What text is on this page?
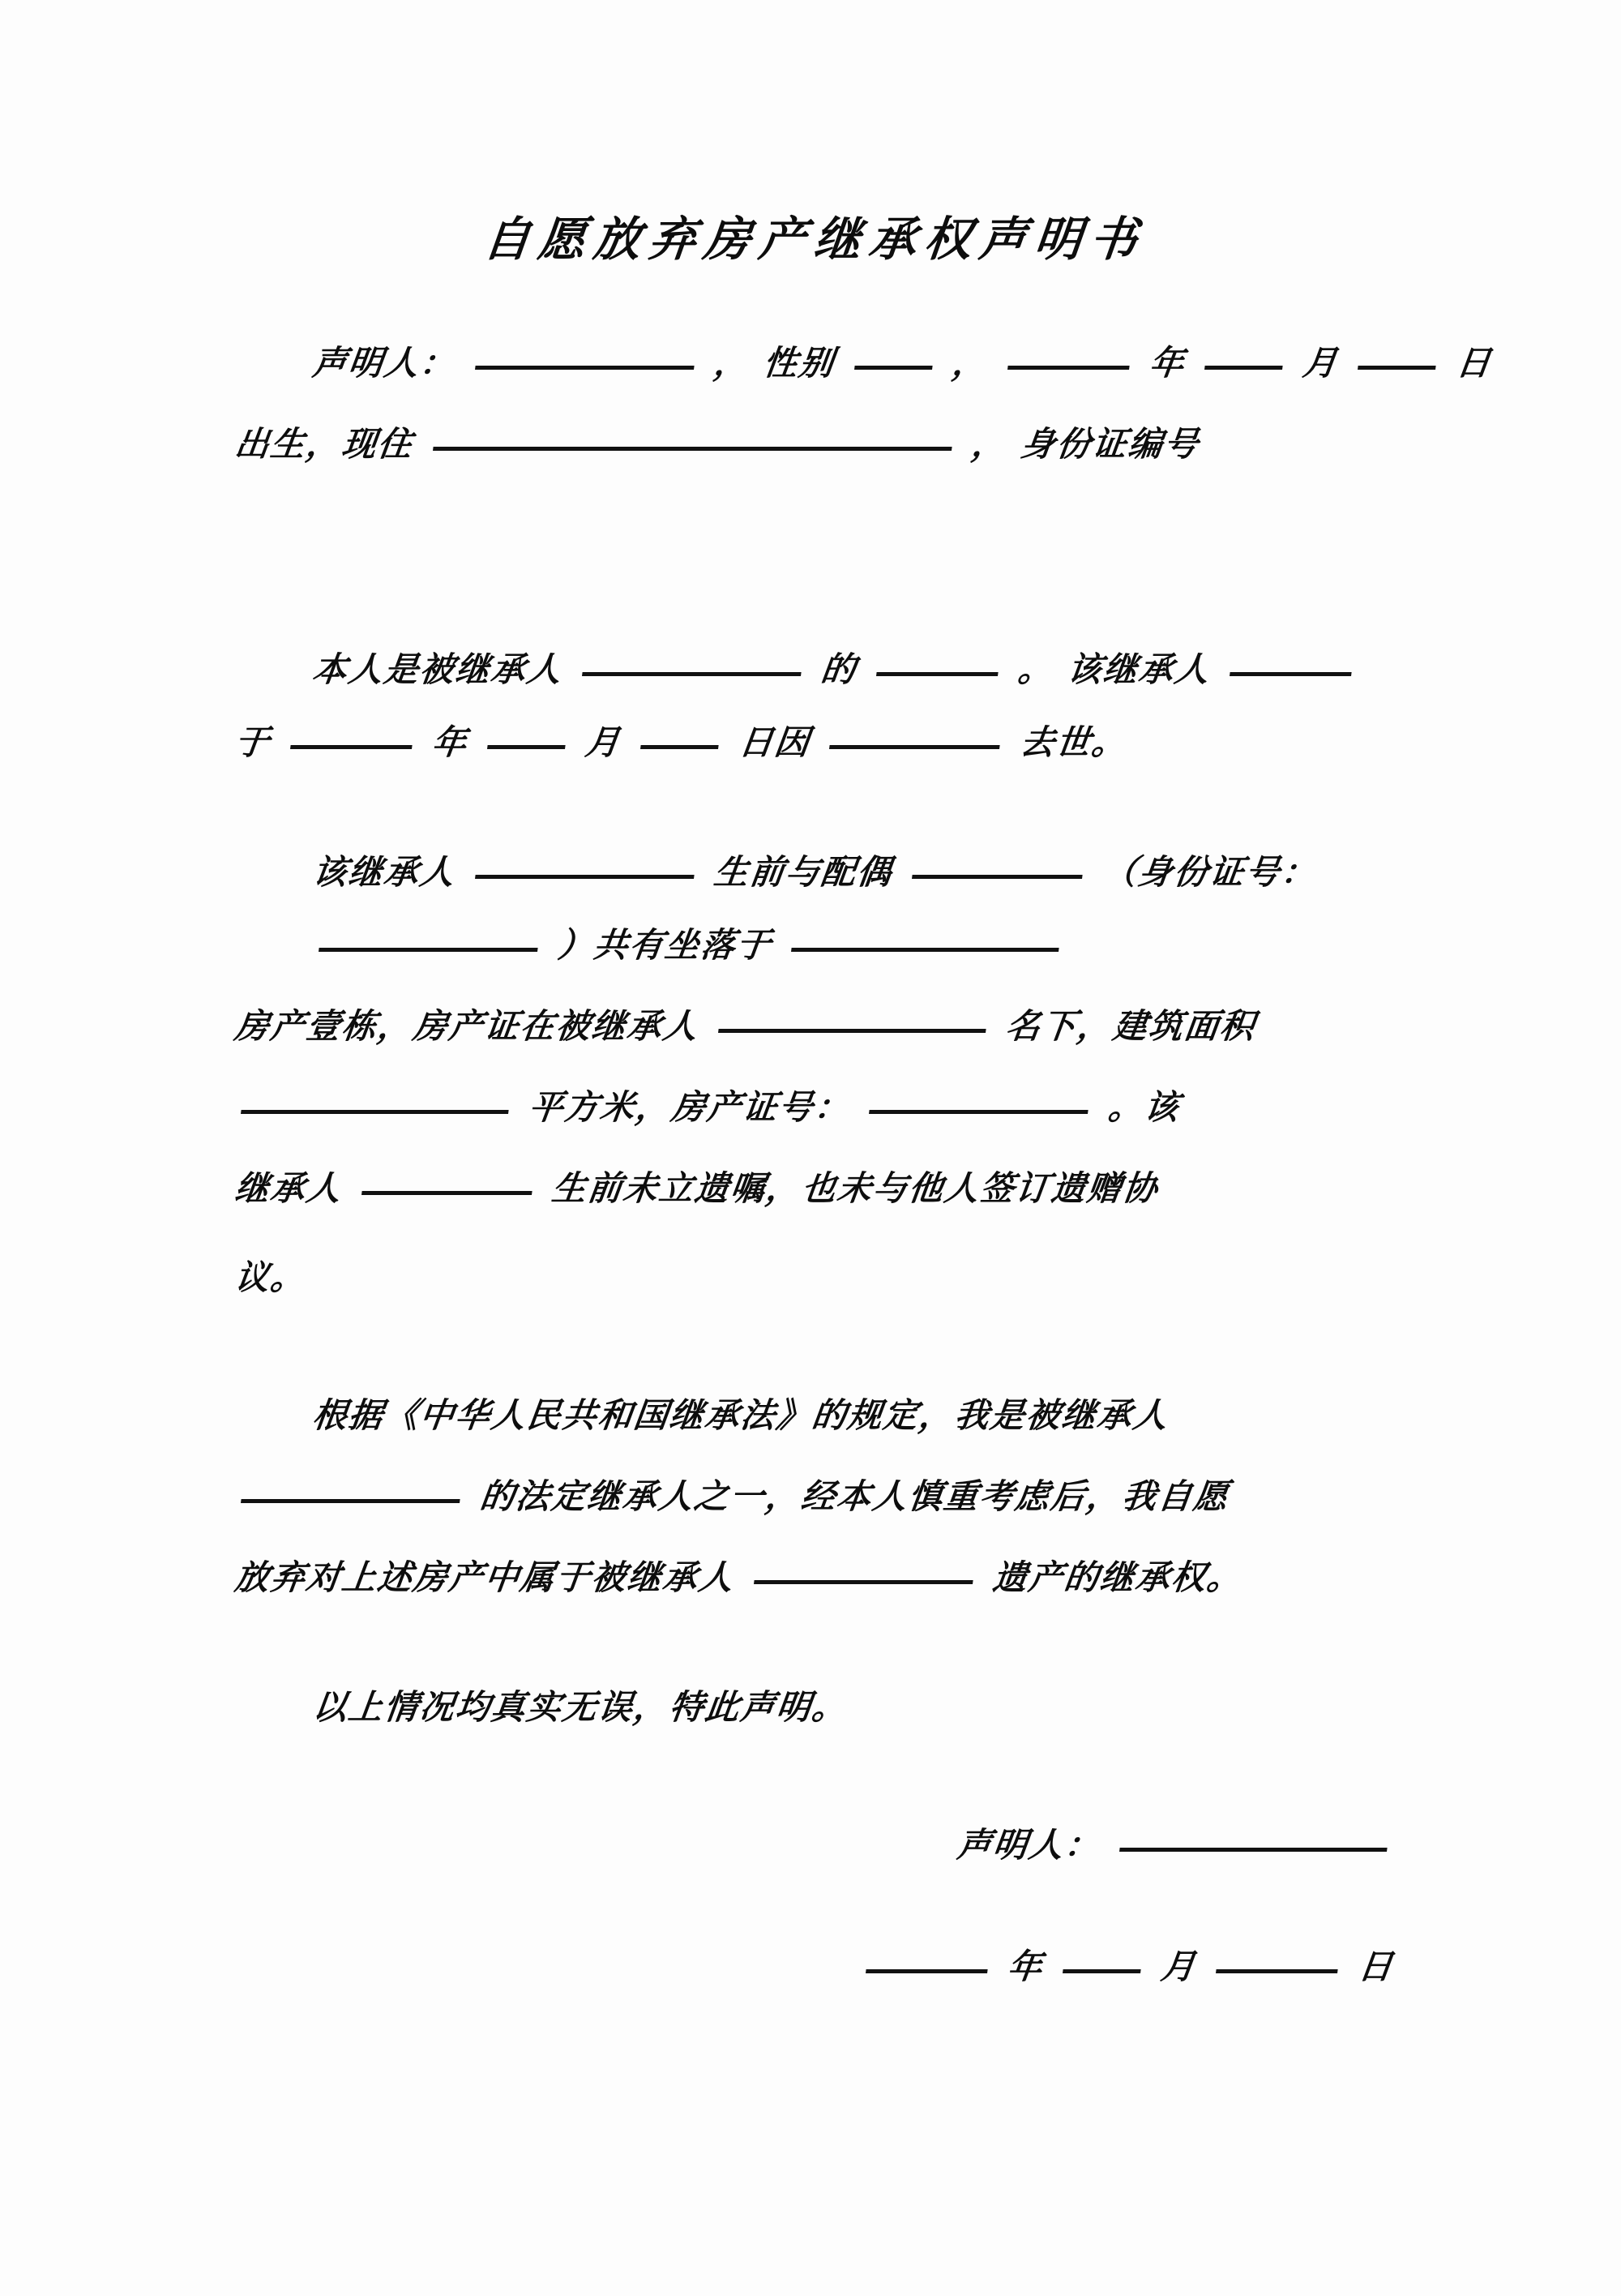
自愿放弃房产继承权声明书
声明人：	， 性别	，	年	月	日
出生，现住	， 身份证编号
本人是被继承人	的	。 该继承人
于	年	月	日因	去世。
该继承人	生前与配偶	（身份证号：
）共有坐落于
房产壹栋，房产证在被继承人	名下，建筑面积
平方米，房产证号：	。该
继承人	生前未立遗嘱，也未与他人签订遗赠协
议。
根据《中华人民共和国继承法》的规定，我是被继承人
的法定继承人之一，经本人慎重考虑后，我自愿
放弃对上述房产中属于被继承人	遗产的继承权。
以上情况均真实无误，特此声明。
声明人：
年	月	日
